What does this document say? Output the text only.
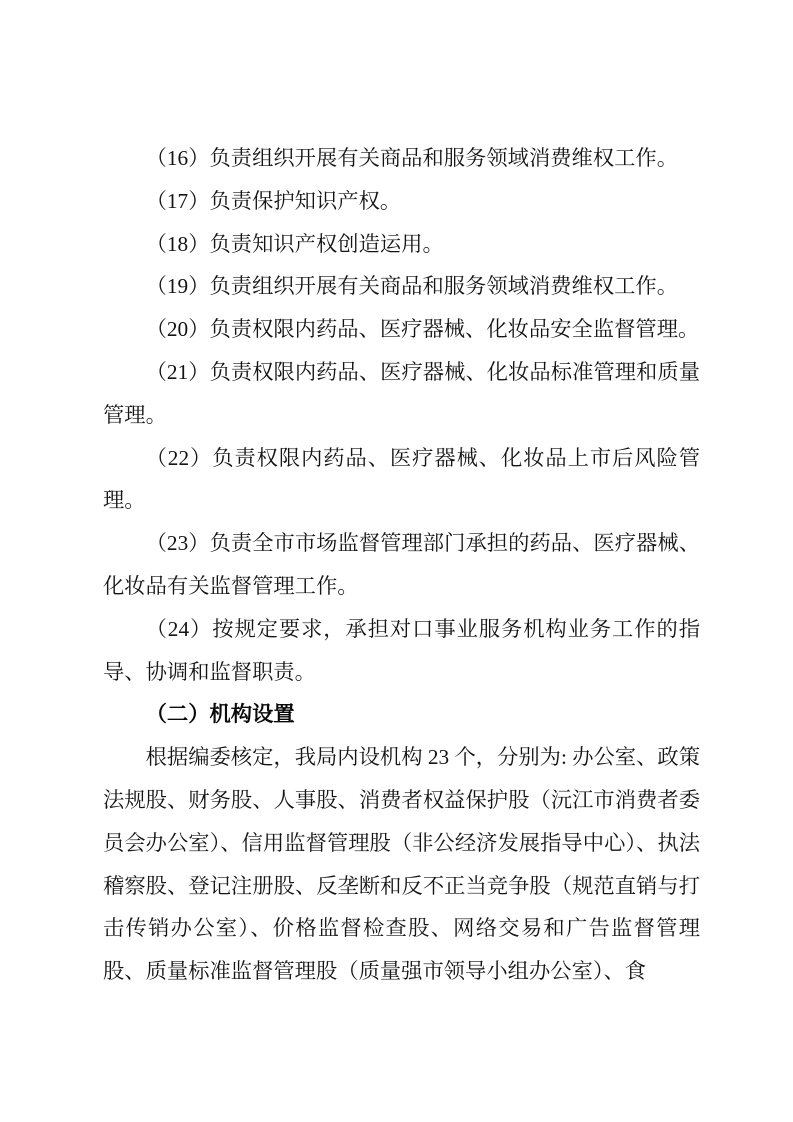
（16）负责组织开展有关商品和服务领域消费维权工作。

（17）负责保护知识产权。

（18）负责知识产权创造运用。

（19）负责组织开展有关商品和服务领域消费维权工作。

（20）负责权限内药品、医疗器械、化妆品安全监督管理。

（21）负责权限内药品、医疗器械、化妆品标准管理和质量管理。

（22）负责权限内药品、医疗器械、化妆品上市后风险管理。

（23）负责全市市场监督管理部门承担的药品、医疗器械、化妆品有关监督管理工作。

（24）按规定要求，承担对口事业服务机构业务工作的指导、协调和监督职责。

（二）机构设置

根据编委核定，我局内设机构 23 个，分别为: 办公室、政策法规股、财务股、人事股、消费者权益保护股（沅江市消费者委员会办公室）、信用监督管理股（非公经济发展指导中心）、执法稽察股、登记注册股、反垄断和反不正当竞争股（规范直销与打击传销办公室）、价格监督检查股、网络交易和广告监督管理股、质量标准监督管理股（质量强市领导小组办公室）、食
